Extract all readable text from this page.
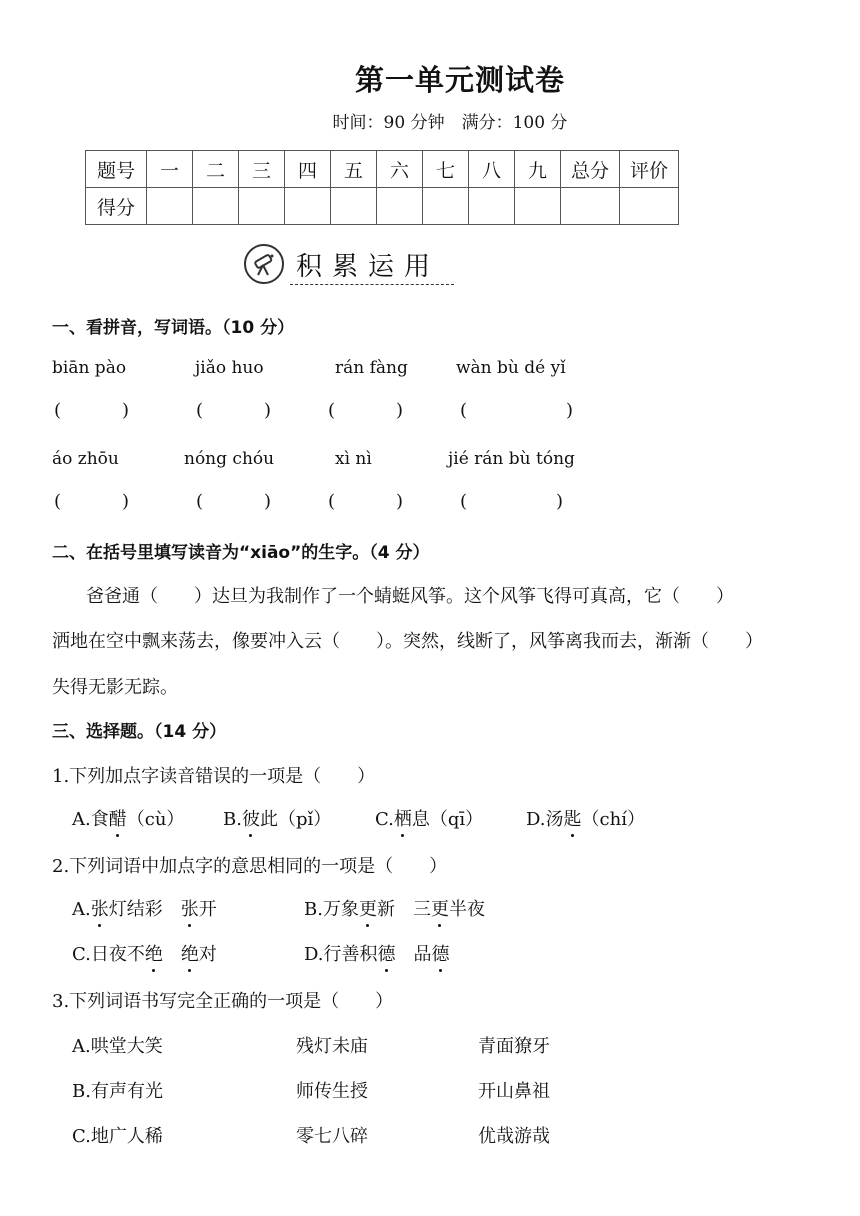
第一单元测试卷
时间：90 分钟　满分：100 分
题号	一	二	三	四	五	六	七	八	九	总分	评价
得分											
积累运用
一、看拼音，写词语。（10 分）
biān pào	jiǎo huo	rán fàng	wàn bù dé yǐ
(	)	(	)	(	)	(	)
áo zhōu	nóng chóu	xì nì	jié rán bù tóng
(	)	(	)	(	)	(	)
二、在括号里填写读音为“xiāo”的生字。（4 分）
爸爸通（　　）达旦为我制作了一个蜻蜓风筝。这个风筝飞得可真高，它（　　）
洒地在空中飘来荡去，像要冲入云（　　）。突然，线断了，风筝离我而去，渐渐（　　）
失得无影无踪。
三、选择题。（14 分）
1.下列加点字读音错误的一项是（　　）
A.食醋（cù） B.彼此（pǐ） C.栖息（qī） D.汤匙（chí）
2.下列词语中加点字的意思相同的一项是（　　）
A.张灯结彩　张开	B.万象更新　三更半夜
C.日夜不绝　 绝对	D.行善积德　品德
3.下列词语书写完全正确的一项是（　　）
A.哄堂大笑	残灯未庙	青面獠牙
B.有声有光	师传生授	开山鼻祖
C.地广人稀	零七八碎	优哉游哉
